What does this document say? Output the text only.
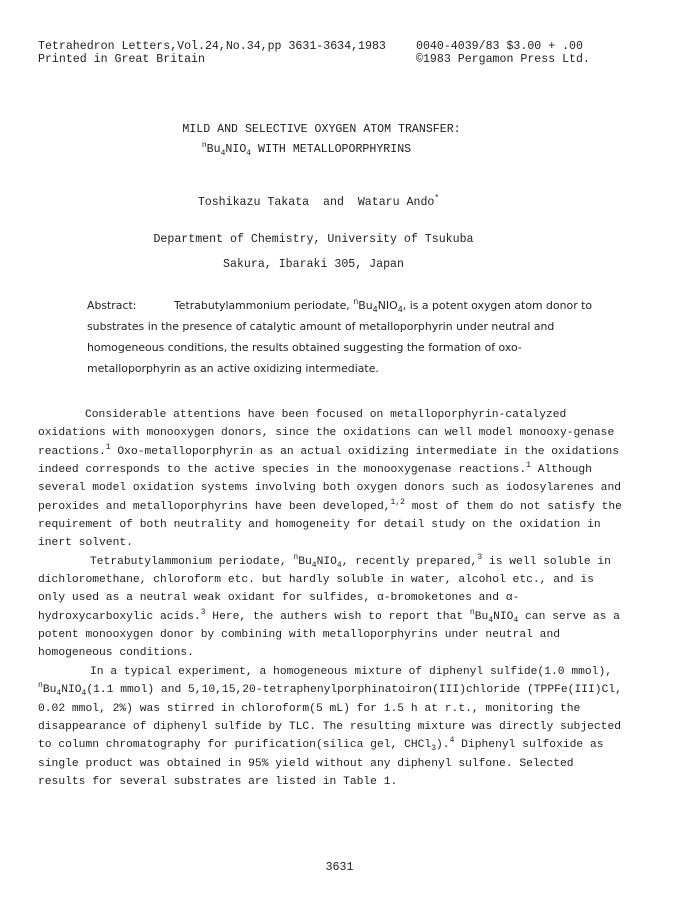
Tetrahedron Letters,Vol.24,No.34,pp 3631-3634,1983
Printed in Great Britain
0040-4039/83 $3.00 + .00
©1983 Pergamon Press Ltd.
MILD AND SELECTIVE OXYGEN ATOM TRANSFER:
$^nBu_4NIO_4$ WITH METALLOPORPHYRINS
Toshikazu Takata  and  Wataru Ando*
Department of Chemistry, University of Tsukuba
Sakura, Ibaraki 305, Japan
Abstract:	Tetrabutylammonium periodate, $^nBu_4NIO_4$, is a potent oxygen atom donor to substrates in the presence of catalytic amount of metalloporphyrin under neutral and homogeneous conditions, the results obtained suggesting the formation of oxo-metalloporphyrin as an active oxidizing intermediate.

Considerable attentions have been focused on metalloporphyrin-catalyzed oxidations with monooxygen donors, since the oxidations can well model monooxy-genase reactions.$^1$ Oxo-metalloporphyrin as an actual oxidizing intermediate in the oxidations indeed corresponds to the active species in the monooxygenase reactions.$^1$ Although several model oxidation systems involving both oxygen donors such as iodosylarenes and peroxides and metalloporphyrins have been developed,$^{1,2}$ most of them do not satisfy the requirement of both neutrality and homogeneity for detail study on the oxidation in inert solvent.

Tetrabutylammonium periodate, $^nBu_4NIO_4$, recently prepared,$^3$ is well soluble in dichloromethane, chloroform etc. but hardly soluble in water, alcohol etc., and is only used as a neutral weak oxidant for sulfides, α-bromoketones and α-hydroxycarboxylic acids.$^3$ Here, the authers wish to report that $^nBu_4NIO_4$ can serve as a potent monooxygen donor by combining with metalloporphyrins under neutral and homogeneous conditions.

In a typical experiment, a homogeneous mixture of diphenyl sulfide(1.0 mmol), $^nBu_4NIO_4(1.1$ mmol) and 5,10,15,20-tetraphenylporphinatoiron(III)chloride (TPPFe(III)Cl, 0.02 mmol, 2%) was stirred in chloroform(5 mL) for 1.5 h at r.t., monitoring the disappearance of diphenyl sulfide by TLC. The resulting mixture was directly subjected to column chromatography for purification(silica gel, CHCl$_3$).$^4$ Diphenyl sulfoxide as single product was obtained in 95% yield without any diphenyl sulfone. Selected results for several substrates are listed in Table 1.

3631
